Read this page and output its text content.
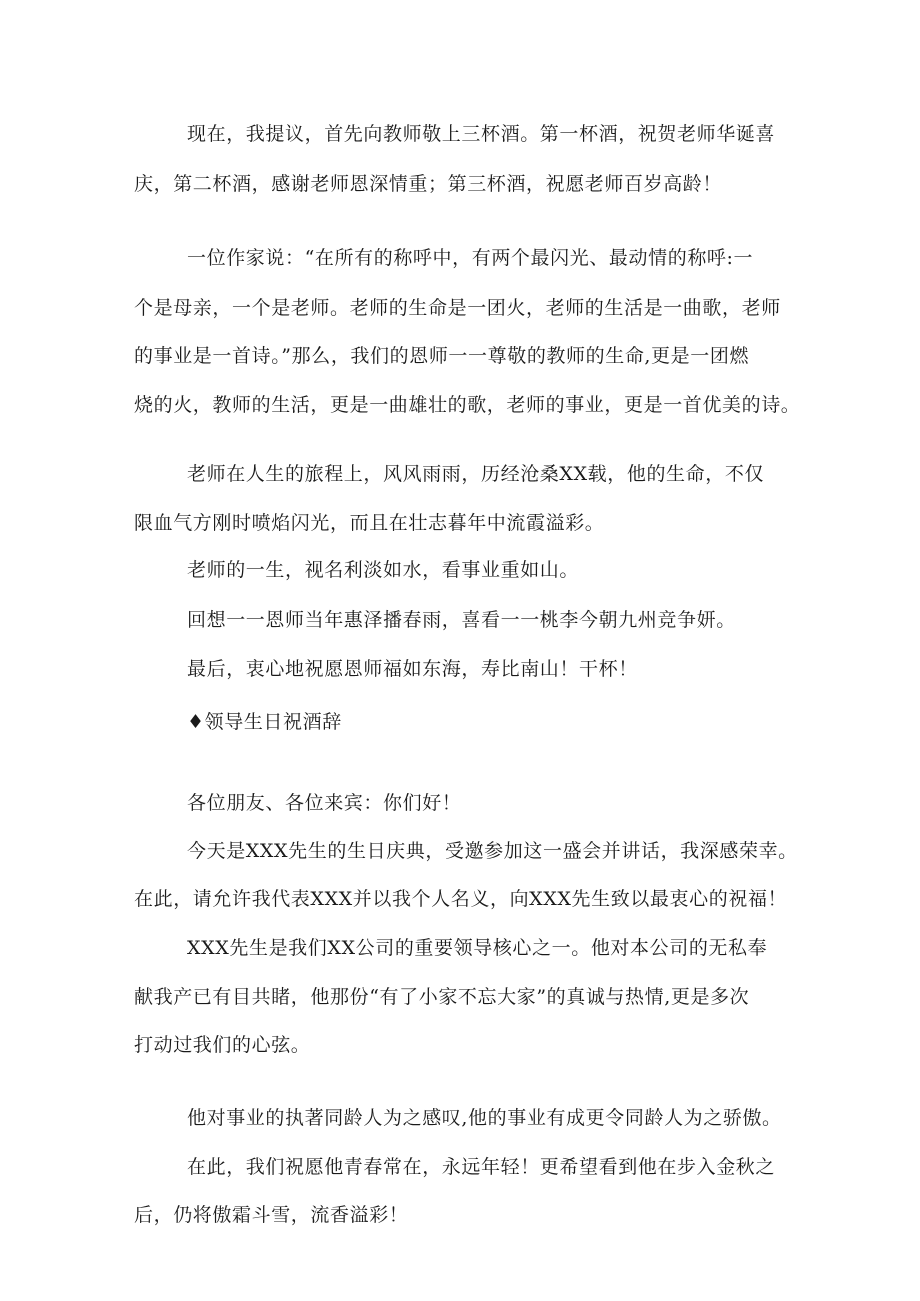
现在，我提议，首先向教师敬上三杯酒。第一杯酒，祝贺老师华诞喜

庆，第二杯酒，感谢老师恩深情重；第三杯酒，祝愿老师百岁高龄！

一位作家说：“在所有的称呼中，有两个最闪光、最动情的称呼:一

个是母亲，一个是老师。老师的生命是一团火，老师的生活是一曲歌，老师

的事业是一首诗。”那么，我们的恩师一一尊敬的教师的生命,更是一团燃

烧的火，教师的生活，更是一曲雄壮的歌，老师的事业，更是一首优美的诗。

老师在人生的旅程上，风风雨雨，历经沧桑XX载，他的生命，不仅

限血气方刚时喷焰闪光，而且在壮志暮年中流霞溢彩。

老师的一生，视名利淡如水，看事业重如山。

回想一一恩师当年惠泽播春雨，喜看一一桃李今朝九州竞争妍。

最后，衷心地祝愿恩师福如东海，寿比南山！干杯！

♦领导生日祝酒辞

各位朋友、各位来宾：你们好！

今天是XXX先生的生日庆典，受邀参加这一盛会并讲话，我深感荣幸。

在此，请允许我代表XXX并以我个人名义，向XXX先生致以最衷心的祝福！

XXX先生是我们XX公司的重要领导核心之一。他对本公司的无私奉

献我产已有目共睹，他那份“有了小家不忘大家”的真诚与热情,更是多次

打动过我们的心弦。

他对事业的执著同龄人为之感叹,他的事业有成更令同龄人为之骄傲。

在此，我们祝愿他青春常在，永远年轻！更希望看到他在步入金秋之

后，仍将傲霜斗雪，流香溢彩！
